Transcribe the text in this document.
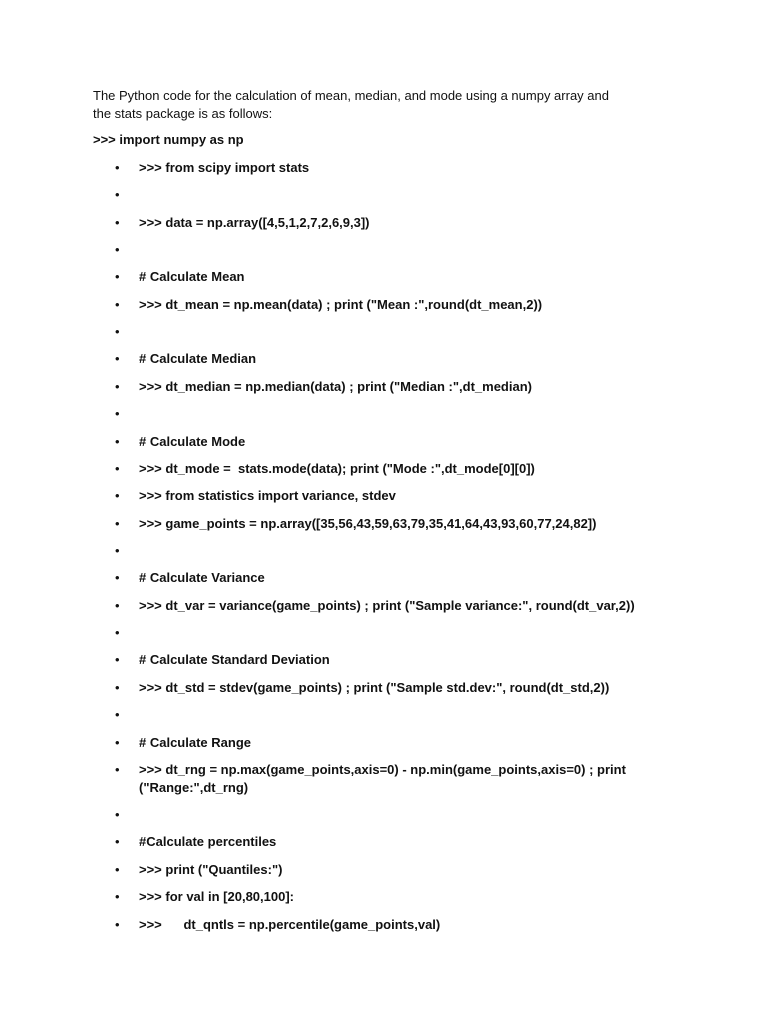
The Python code for the calculation of mean, median, and mode using a numpy array and

the stats package is as follows:

>>> import numpy as np
•	>>> from scipy import stats
•
•	>>> data = np.array([4,5,1,2,7,2,6,9,3])
•
•	# Calculate Mean
•	>>> dt_mean = np.mean(data) ; print ("Mean :",round(dt_mean,2))
•
•	# Calculate Median
•	>>> dt_median = np.median(data) ; print ("Median :",dt_median)
•
•	# Calculate Mode
•	>>> dt_mode =  stats.mode(data); print ("Mode :",dt_mode[0][0])
•	>>> from statistics import variance, stdev
•	>>> game_points = np.array([35,56,43,59,63,79,35,41,64,43,93,60,77,24,82])
•
•	# Calculate Variance
•	>>> dt_var = variance(game_points) ; print ("Sample variance:", round(dt_var,2))
•
•	# Calculate Standard Deviation
•	>>> dt_std = stdev(game_points) ; print ("Sample std.dev:", round(dt_std,2))
•
•	# Calculate Range
•	>>> dt_rng = np.max(game_points,axis=0) - np.min(game_points,axis=0) ; print
("Range:",dt_rng)
•
•	#Calculate percentiles
•	>>> print ("Quantiles:")
•	>>> for val in [20,80,100]:
•	>>>      dt_qntls = np.percentile(game_points,val)
